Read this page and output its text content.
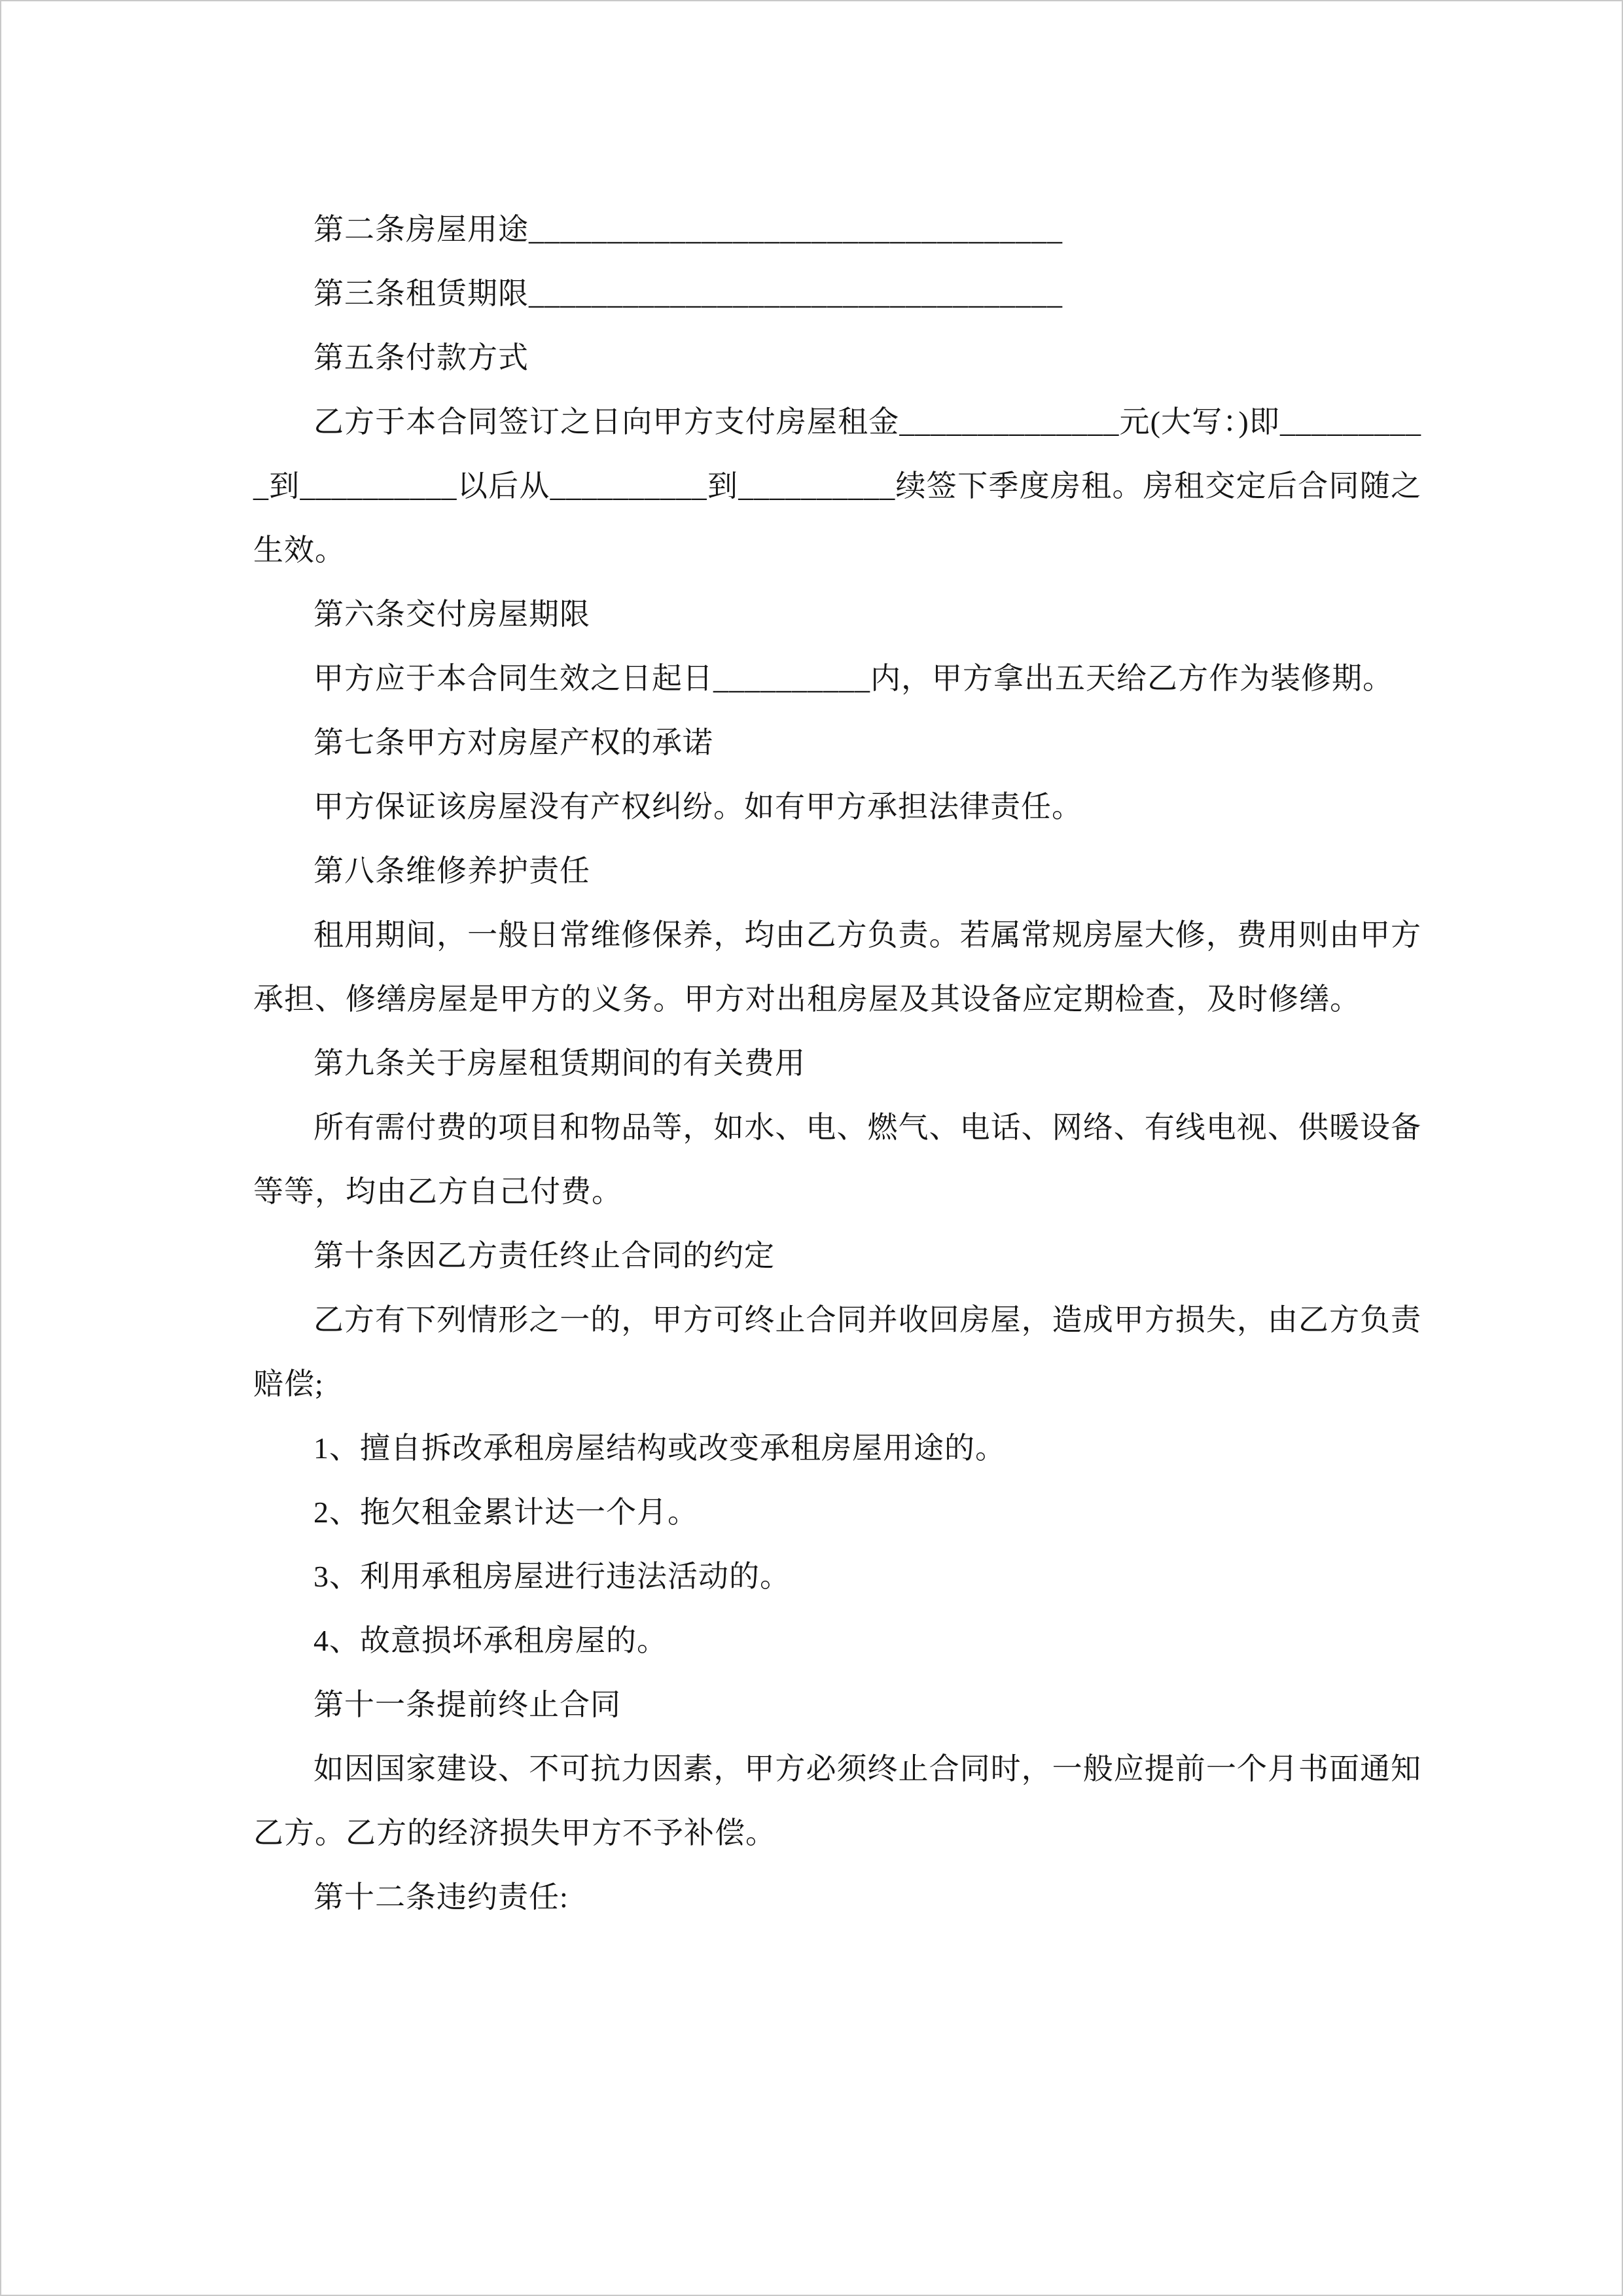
第二条房屋用途__________________________________

第三条租赁期限__________________________________

第五条付款方式

乙方于本合同签订之日向甲方支付房屋租金______________元(大写：)即__________到__________以后从__________到__________续签下季度房租。房租交定后合同随之生效。

第六条交付房屋期限

甲方应于本合同生效之日起日__________内，甲方拿出五天给乙方作为装修期。

第七条甲方对房屋产权的承诺

甲方保证该房屋没有产权纠纷。如有甲方承担法律责任。

第八条维修养护责任

租用期间，一般日常维修保养，均由乙方负责。若属常规房屋大修，费用则由甲方承担、修缮房屋是甲方的义务。甲方对出租房屋及其设备应定期检查，及时修缮。

第九条关于房屋租赁期间的有关费用

所有需付费的项目和物品等，如水、电、燃气、电话、网络、有线电视、供暖设备等等，均由乙方自己付费。

第十条因乙方责任终止合同的约定

乙方有下列情形之一的，甲方可终止合同并收回房屋，造成甲方损失，由乙方负责赔偿;

1、擅自拆改承租房屋结构或改变承租房屋用途的。

2、拖欠租金累计达一个月。

3、利用承租房屋进行违法活动的。

4、故意损坏承租房屋的。

第十一条提前终止合同

如因国家建设、不可抗力因素，甲方必须终止合同时，一般应提前一个月书面通知乙方。乙方的经济损失甲方不予补偿。

第十二条违约责任:
